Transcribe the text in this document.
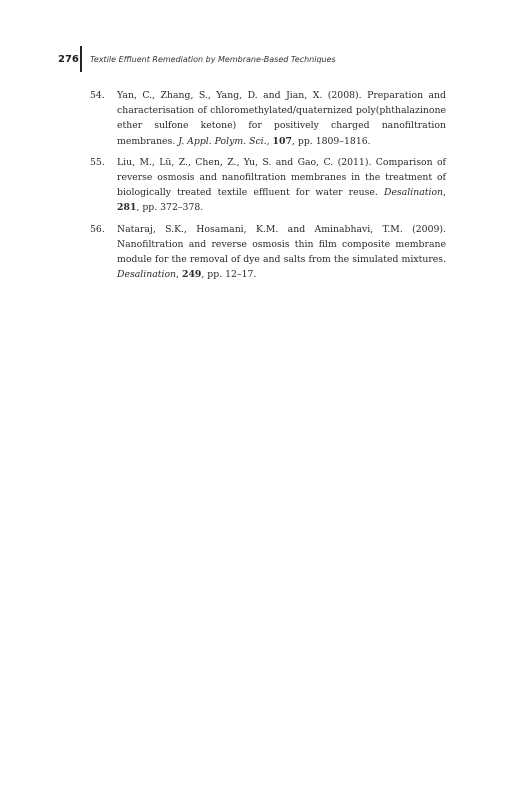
276 Textile Effluent Remediation by Membrane-Based Techniques
54. Yan, C., Zhang, S., Yang, D. and Jian, X. (2008). Preparation and characterisation of chloromethylated/quaternized poly(phthalazinone ether sulfone ketone) for positively charged nanofiltration membranes. J. Appl. Polym. Sci., 107, pp. 1809–1816.
55. Liu, M., Lü, Z., Chen, Z., Yu, S. and Gao, C. (2011). Comparison of reverse osmosis and nanofiltration membranes in the treatment of biologically treated textile effluent for water reuse. Desalination, 281, pp. 372–378.
56. Nataraj, S.K., Hosamani, K.M. and Aminabhavi, T.M. (2009). Nanofiltration and reverse osmosis thin film composite membrane module for the removal of dye and salts from the simulated mixtures. Desalination, 249, pp. 12–17.
